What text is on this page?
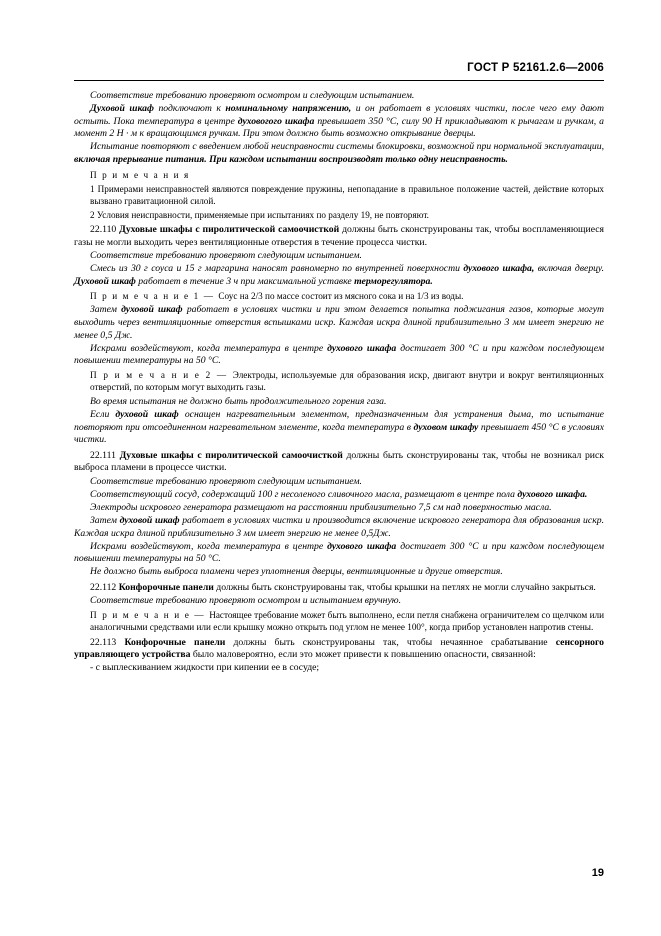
ГОСТ Р 52161.2.6—2006

Соответствие требованию проверяют осмотром и следующим испытанием.

Духовой шкаф подключают к номинальному напряжению, и он работает в условиях чистки, после чего ему дают остыть. Пока температура в центре духовогого шкафа превышает 350 °С, силу 90 Н прикладывают к рычагам и ручкам, а момент 2 Н · м к вращающимся ручкам. При этом должно быть возможно открывание дверцы.

Испытание повторяют с введением любой неисправности системы блокировки, возможной при нормальной эксплуатации, включая прерывание питания. При каждом испытании воспроизводят только одну неисправность.

П р и м е ч а н и я

1 Примерами неисправностей являются повреждение пружины, непопадание в правильное положение частей, действие которых вызвано гравитационной силой.

2 Условия неисправности, применяемые при испытаниях по разделу 19, не повторяют.

22.110 Духовые шкафы с пиролитической самоочисткой должны быть сконструированы так, чтобы воспламеняющиеся газы не могли выходить через вентиляционные отверстия в течение процесса чистки.

Соответствие требованию проверяют следующим испытанием.

Смесь из 30 г соуса и 15 г маргарина наносят равномерно по внутренней поверхности духового шкафа, включая дверцу. Духовой шкаф работает в течение 3 ч при максимальной уставке терморегулятора.

П р и м е ч а н и е 1 — Соус на 2/3 по массе состоит из мясного сока и на 1/3 из воды.

Затем духовой шкаф работает в условиях чистки и при этом делается попытка поджигания газов, которые могут выходить через вентиляционные отверстия вспышками искр. Каждая искра длиной приблизительно 3 мм имеет энергию не менее 0,5 Дж.

Искрами воздействуют, когда температура в центре духового шкафа достигает 300 °С и при каждом последующем повышении температуры на 50 °С.

П р и м е ч а н и е 2 — Электроды, используемые для образования искр, двигают внутри и вокруг вентиляционных отверстий, по которым могут выходить газы.

Во время испытания не должно быть продолжительного горения газа.

Если духовой шкаф оснащен нагревательным элементом, предназначенным для устранения дыма, то испытание повторяют при отсоединенном нагревательном элементе, когда температура в духовом шкафу превышает 450 °С в условиях чистки.

22.111 Духовые шкафы с пиролитической самоочисткой должны быть сконструированы так, чтобы не возникал риск выброса пламени в процессе чистки.

Соответствие требованию проверяют следующим испытанием.

Соответствующий сосуд, содержащий 100 г несоленого сливочного масла, размещают в центре пола духового шкафа.

Электроды искрового генератора размещают на расстоянии приблизительно 7,5 см над поверхностью масла.

Затем духовой шкаф работает в условиях чистки и производится включение искрового генератора для образования искр. Каждая искра длиной приблизительно 3 мм имеет энергию не менее 0,5Дж.

Искрами воздействуют, когда температура в центре духового шкафа достигает 300 °С и при каждом последующем повышении температуры на 50 °С.

Не должно быть выброса пламени через уплотнения дверцы, вентиляционные и другие отверстия.

22.112 Конфорочные панели должны быть сконструированы так, чтобы крышки на петлях не могли случайно закрыться.

Соответствие требованию проверяют осмотром и испытанием вручную.

П р и м е ч а н и е — Настоящее требование может быть выполнено, если петля снабжена ограничителем со щелчком или аналогичными средствами или если крышку можно открыть под углом не менее 100°, когда прибор установлен напротив стены.

22.113 Конфорочные панели должны быть сконструированы так, чтобы нечаянное срабатывание сенсорного управляющего устройства было маловероятно, если это может привести к повышению опасности, связанной:

- с выплескиванием жидкости при кипении ее в сосуде;

19
